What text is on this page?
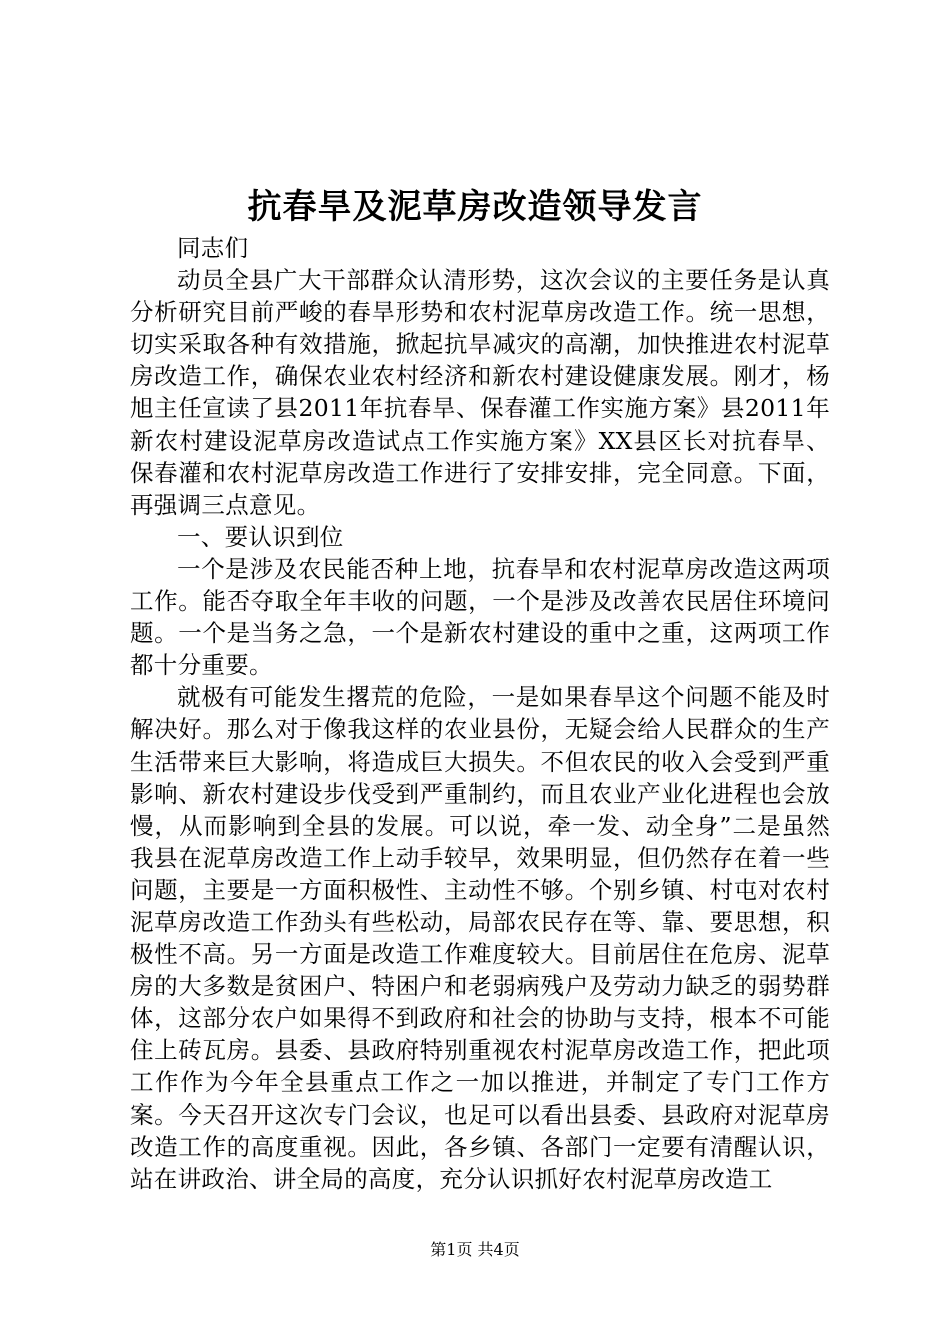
抗春旱及泥草房改造领导发言

同志们

动员全县广大干部群众认清形势，这次会议的主要任务是认真分析研究目前严峻的春旱形势和农村泥草房改造工作。统一思想，切实采取各种有效措施，掀起抗旱减灾的高潮，加快推进农村泥草房改造工作，确保农业农村经济和新农村建设健康发展。刚才，杨旭主任宣读了县2011年抗春旱、保春灌工作实施方案》县2011年新农村建设泥草房改造试点工作实施方案》XX县区长对抗春旱、保春灌和农村泥草房改造工作进行了安排安排，完全同意。下面，再强调三点意见。

一、要认识到位

一个是涉及农民能否种上地，抗春旱和农村泥草房改造这两项工作。能否夺取全年丰收的问题，一个是涉及改善农民居住环境问题。一个是当务之急，一个是新农村建设的重中之重，这两项工作都十分重要。

就极有可能发生撂荒的危险，一是如果春旱这个问题不能及时解决好。那么对于像我这样的农业县份，无疑会给人民群众的生产生活带来巨大影响，将造成巨大损失。不但农民的收入会受到严重影响、新农村建设步伐受到严重制约，而且农业产业化进程也会放慢，从而影响到全县的发展。可以说，牵一发、动全身”二是虽然我县在泥草房改造工作上动手较早，效果明显，但仍然存在着一些问题，主要是一方面积极性、主动性不够。个别乡镇、村屯对农村泥草房改造工作劲头有些松动，局部农民存在等、靠、要思想，积极性不高。另一方面是改造工作难度较大。目前居住在危房、泥草房的大多数是贫困户、特困户和老弱病残户及劳动力缺乏的弱势群体，这部分农户如果得不到政府和社会的协助与支持，根本不可能住上砖瓦房。县委、县政府特别重视农村泥草房改造工作，把此项工作作为今年全县重点工作之一加以推进，并制定了专门工作方案。今天召开这次专门会议，也足可以看出县委、县政府对泥草房改造工作的高度重视。因此，各乡镇、各部门一定要有清醒认识，站在讲政治、讲全局的高度，充分认识抓好农村泥草房改造工

第1页 共4页
